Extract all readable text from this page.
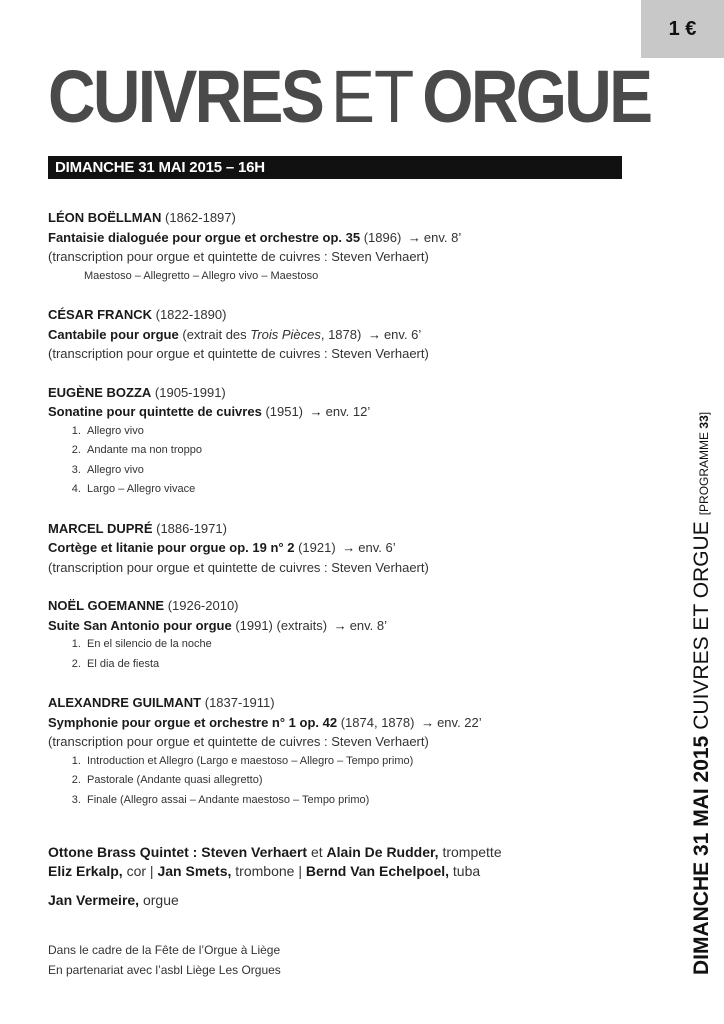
1 €
CUIVRES ET ORGUE
DIMANCHE 31 MAI 2015 – 16H
LÉON BOËLLMAN (1862-1897)
Fantaisie dialoguée pour orgue et orchestre op. 35 (1896) → env. 8’
(transcription pour orgue et quintette de cuivres : Steven Verhaert)
Maestoso – Allegretto – Allegro vivo – Maestoso
CÉSAR FRANCK (1822-1890)
Cantabile pour orgue (extrait des Trois Pièces, 1878) → env. 6’
(transcription pour orgue et quintette de cuivres : Steven Verhaert)
EUGÈNE BOZZA (1905-1991)
Sonatine pour quintette de cuivres (1951) → env. 12’
1. Allegro vivo
2. Andante ma non troppo
3. Allegro vivo
4. Largo – Allegro vivace
MARCEL DUPRÉ (1886-1971)
Cortège et litanie pour orgue op. 19 n° 2 (1921) → env. 6’
(transcription pour orgue et quintette de cuivres : Steven Verhaert)
NOËL GOEMANNE (1926-2010)
Suite San Antonio pour orgue (1991) (extraits) → env. 8’
1. En el silencio de la noche
2. El dia de fiesta
ALEXANDRE GUILMANT (1837-1911)
Symphonie pour orgue et orchestre n° 1 op. 42 (1874, 1878) → env. 22’
(transcription pour orgue et quintette de cuivres : Steven Verhaert)
1. Introduction et Allegro (Largo e maestoso – Allegro – Tempo primo)
2. Pastorale (Andante quasi allegretto)
3. Finale (Allegro assai – Andante maestoso – Tempo primo)
Ottone Brass Quintet : Steven Verhaert et Alain De Rudder, trompette
Eliz Erkalp, cor | Jan Smets, trombone | Bernd Van Echelpoel, tuba
Jan Vermeire, orgue
Dans le cadre de la Fête de l’Orgue à Liège
En partenariat avec l’asbl Liège Les Orgues	DIMANCHE 31 MAI 2015CUIVRES ET ORGUE[PROGRAMME 33]
